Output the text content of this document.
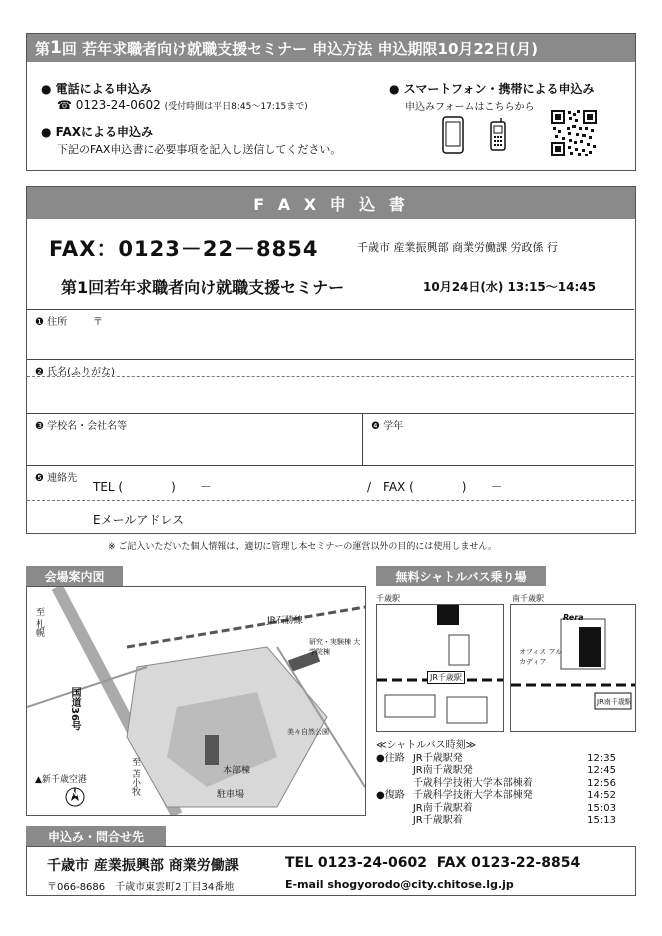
第 1 回 若年求職者向け就職支援セミナー 申込方法 申込期限10月22日(月)
● 電話による申込み
☎ 0123-24-0602 (受付時間は平日8:45〜17:15まで)
● FAXによる申込み
下記のFAX申込書に必要事項を記入し送信してください。
● スマートフォン・携帯による申込み
申込みフォームはこちらから
F A X 申 込 書
FAX：0123－22－8854	千歳市 産業振興部 商業労働課 労政係 行
第1回若年求職者向け就職支援セミナー	10月24日(水) 13:15〜14:45
❶ 住所	〒
❷ 氏名(ふりがな)
❸ 学校名・会社名等	❹ 学年
❺ 連絡先
TEL (　　　　)　　－	/　FAX (　　　　)　　－
Eメールアドレス
※ ご記入いただいた個人情報は、適切に管理し本セミナーの運営以外の目的には使用しません。
会場案内図
JR石勝線
国道36号
▲新千歳空港
至 札幌
至 苫小牧	本部棟
駐車場
研究・実験棟 大学院棟
美々自然公園
N
無料シャトルバス乗り場
千歳駅	南千歳駅
JR千歳駅
Rera
オフィス アルカディア
JR南千歳駅
≪シャトルバス時刻≫
●往路 JR千歳駅発	12:35
JR南千歳駅発	12:45
千歳科学技術大学本部棟着	12:56
●復路 千歳科学技術大学本部棟発	14:52
JR南千歳駅着	15:03
JR千歳駅着	15:13
申込み・問合せ先
千歳市 産業振興部 商業労働課
〒066-8686　千歳市東雲町2丁目34番地
TEL 0123-24-0602  FAX 0123-22-8854
E-mail shogyorodo@city.chitose.lg.jp
